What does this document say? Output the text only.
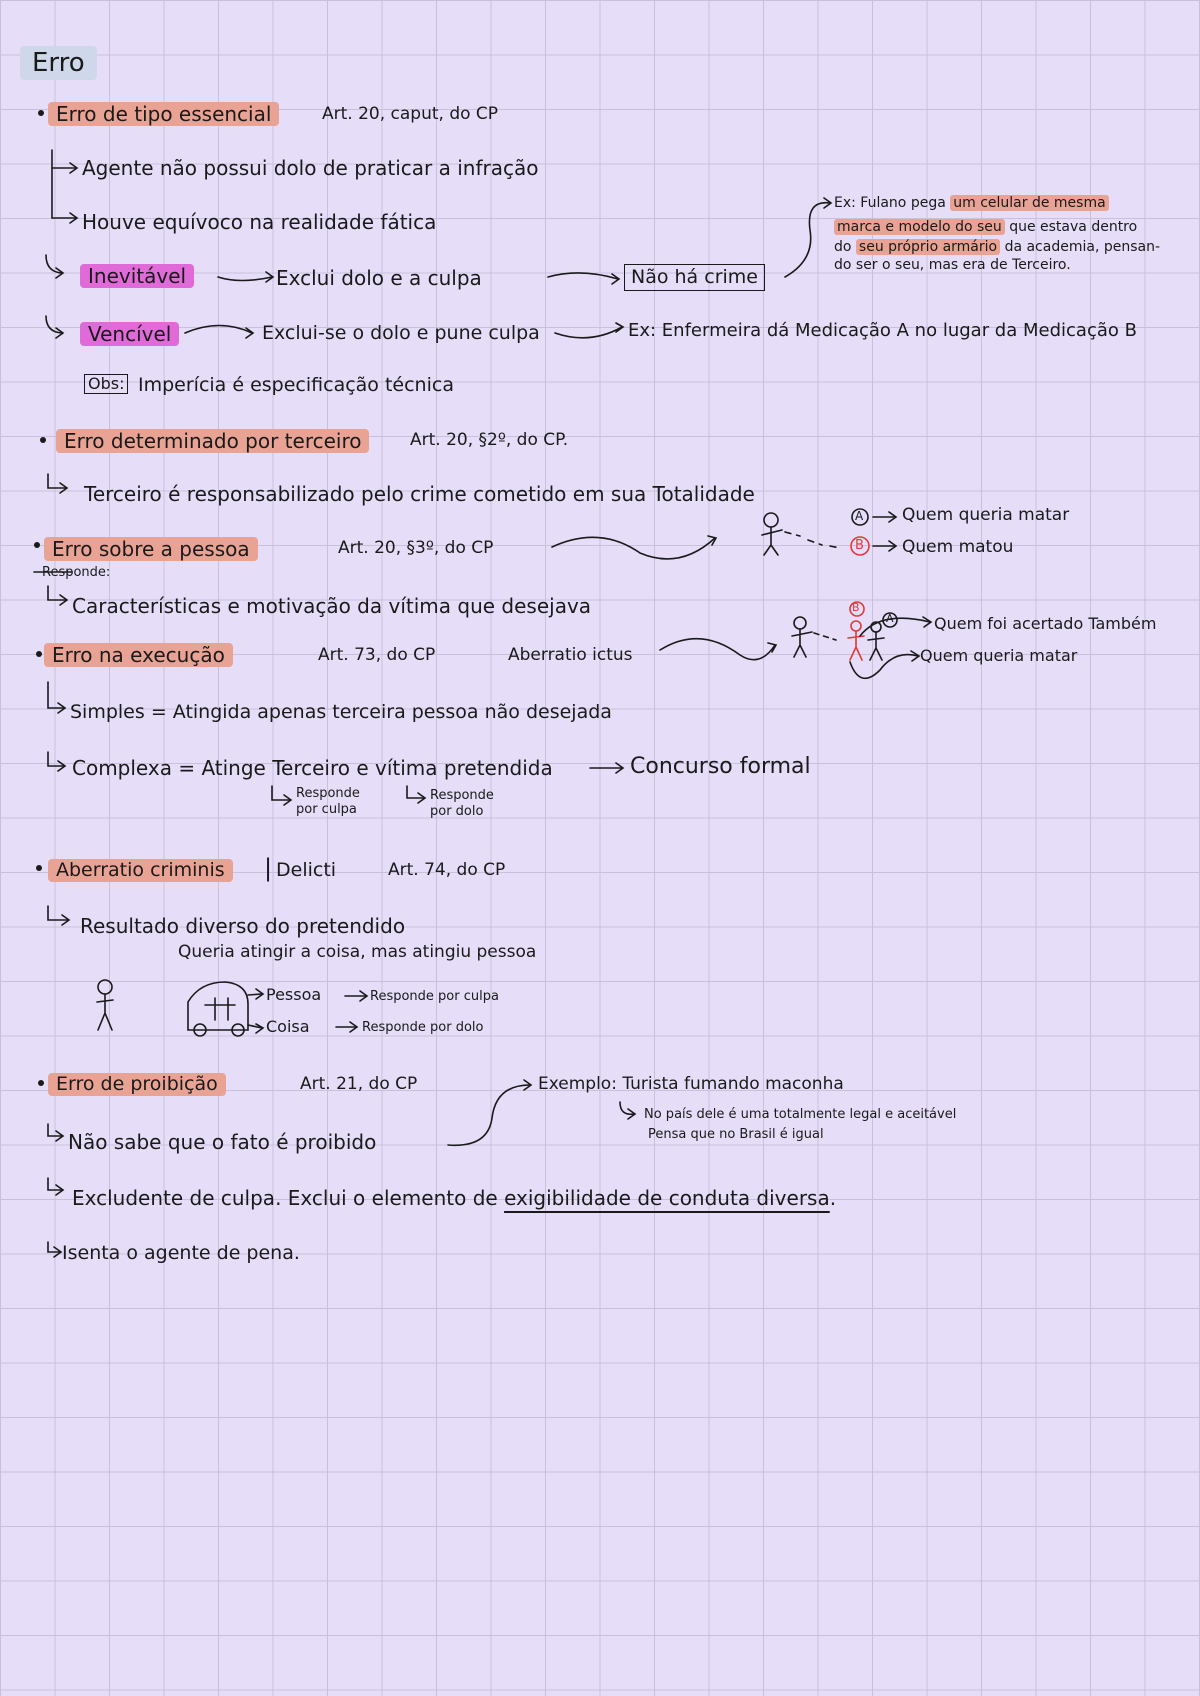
Erro
Erro de tipo essencial	Art. 20, caput, do CP
Agente não possui dolo de praticar a infração
Houve equívoco na realidade fática
Inevitável	Exclui dolo e a culpa	Não há crime
Ex: Fulano pega um celular de mesma
marca e modelo do seu que estava dentro
do seu próprio armário da academia, pensan-
do ser o seu, mas era de Terceiro.
Vencível	Exclui-se o dolo e pune culpa	Ex: Enfermeira dá Medicação A no lugar da Medicação B
Obs: Imperícia é especificação técnica
Erro determinado por terceiro	Art. 20, §2º, do CP.
Terceiro é responsabilizado pelo crime cometido em sua Totalidade
Erro sobre a pessoa	Art. 20, §3º, do CP
Responde:
Características e motivação da vítima que desejava
A
B
Quem queria matar
Quem matou
Erro na execução	Art. 73, do CP	Aberratio ictus
B
A	Quem foi acertado Também
Quem queria matar
Simples = Atingida apenas terceira pessoa não desejada
Complexa = Atinge Terceiro e vítima pretendida	Concurso formal
Responde por culpa
Responde por dolo
Aberratio criminis	| Delicti	Art. 74, do CP
Resultado diverso do pretendido
Queria atingir a coisa, mas atingiu pessoa
Pessoa	Responde por culpa
Coisa	Responde por dolo
Erro de proibição	Art. 21, do CP
Não sabe que o fato é proibido
Exemplo: Turista fumando maconha
No país dele é uma totalmente legal e aceitável
Pensa que no Brasil é igual
Excludente de culpa. Exclui o elemento de exigibilidade de conduta diversa.
Isenta o agente de pena.
